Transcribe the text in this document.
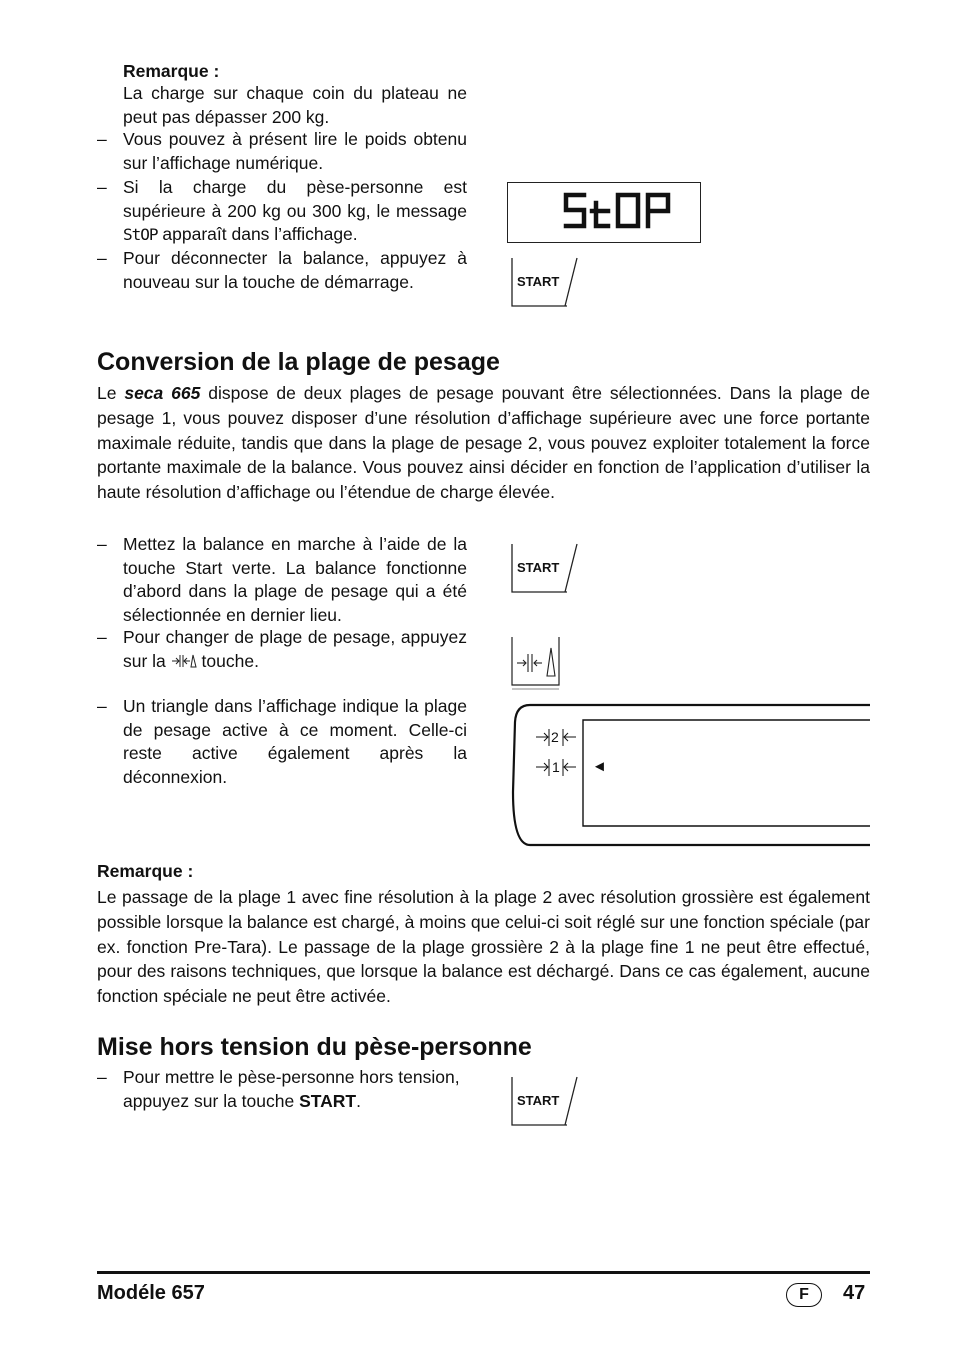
Remarque :
La charge sur chaque coin du plateau ne peut pas dépasser 200 kg.
– Vous pouvez à présent lire le poids obtenu sur l’affichage numérique.
– Si la charge du pèse-personne est supérieure à 200 kg ou 300 kg, le message StOP apparaît dans l’affichage.
– Pour déconnecter la balance, appuyez à nouveau sur la touche de démarrage.	START
Conversion de la plage de pesage
Le seca 665 dispose de deux plages de pesage pouvant être sélectionnées. Dans la plage de pesage 1, vous pouvez disposer d’une résolution d’affichage supérieure avec une force portante maximale réduite, tandis que dans la plage de pesage 2, vous pouvez exploiter totalement la force portante maximale de la balance. Vous pouvez ainsi décider en fonction de l’application d’utiliser la haute résolution d’affichage ou l’étendue de charge élevée.
– Mettez la balance en marche à l’aide de la touche Start verte. La balance fonctionne d’abord dans la plage de pesage qui a été sélectionnée en dernier lieu.
– Pour changer de plage de pesage, appuyez sur la touche.
– Un triangle dans l’affichage indique la plage de pesage active à ce moment. Celle-ci reste active également après la déconnexion.
START
2
1 ◄
Remarque :
Le passage de la plage 1 avec fine résolution à la plage 2 avec résolution grossière est également possible lorsque la balance est chargé, à moins que celui-ci soit réglé sur une fonction spéciale (par ex. fonction Pre-Tara). Le passage de la plage grossière 2 à la plage fine 1 ne peut être effectué, pour des raisons techniques, que lorsque la balance est déchargé. Dans ce cas également, aucune fonction spéciale ne peut être activée.
Mise hors tension du pèse-personne
– Pour mettre le pèse-personne hors tension, appuyez sur la touche START.	START
Modéle 657	F	47
